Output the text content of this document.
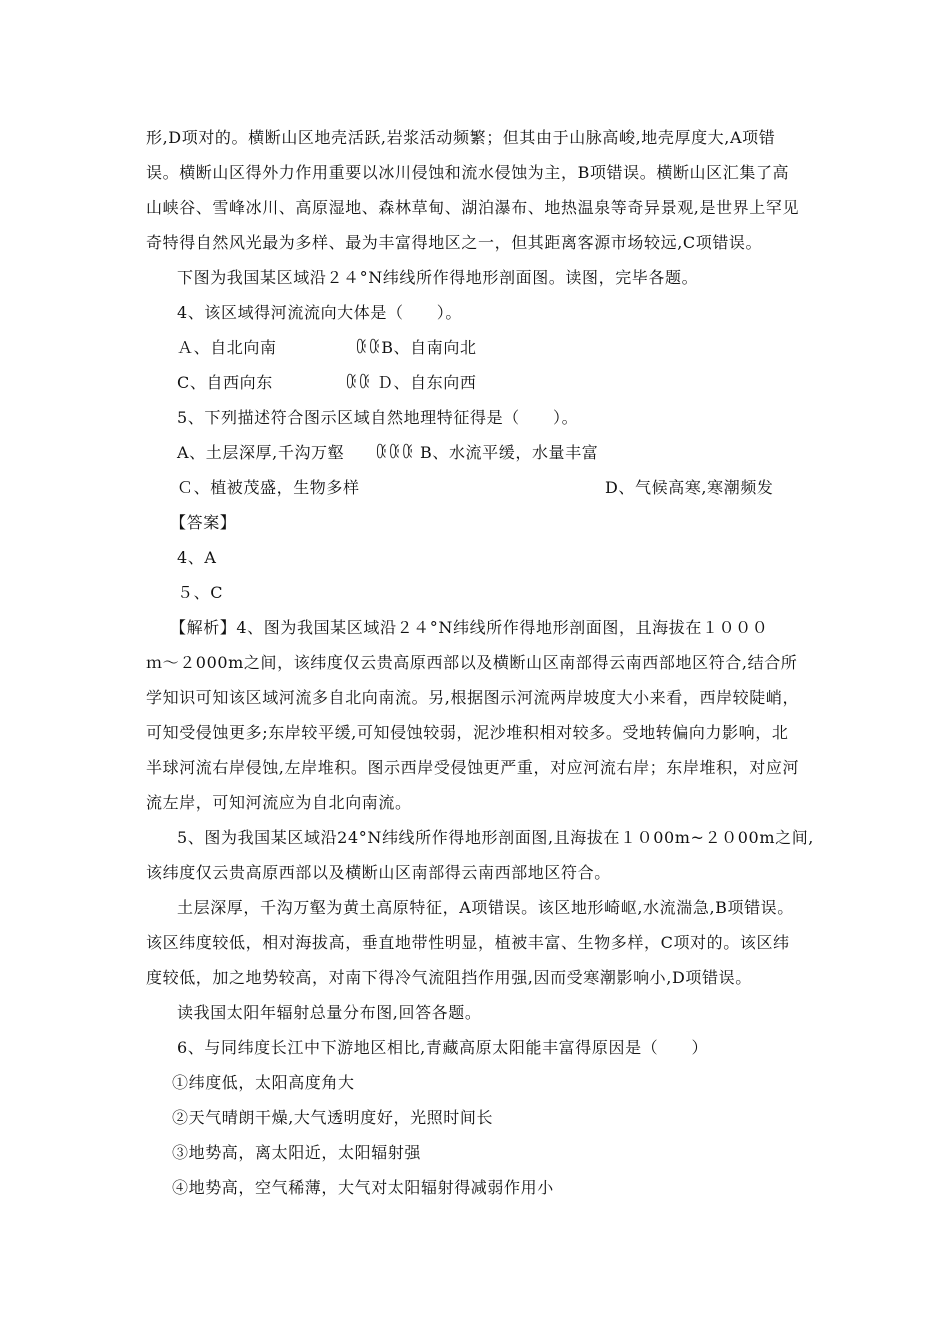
形,D项对的。横断山区地壳活跃,岩浆活动频繁；但其由于山脉高峻,地壳厚度大,A项错
误。横断山区得外力作用重要以冰川侵蚀和流水侵蚀为主，B项错误。横断山区汇集了高
山峡谷、雪峰冰川、高原湿地、森林草甸、湖泊瀑布、地热温泉等奇异景观,是世界上罕见
奇特得自然风光最为多样、最为丰富得地区之一，但其距离客源市场较远,C项错误。
下图为我国某区域沿２４°N纬线所作得地形剖面图。读图，完毕各题。
4、该区域得河流流向大体是（　　）。
Ａ、自北向南	ꄰꄰB、自南向北
C、自西向东	ꄰꄰ Ｄ、自东向西
5、下列描述符合图示区域自然地理特征得是（　　）。
A、土层深厚,千沟万壑 ꄰꄰꄰ B、水流平缓，水量丰富
Ｃ、植被茂盛，生物多样	D、气候高寒,寒潮频发
【答案】
4、A
５、C
【解析】4、图为我国某区域沿２４°N纬线所作得地形剖面图，且海拔在１０００
ｍ～２000m之间，该纬度仅云贵高原西部以及横断山区南部得云南西部地区符合,结合所
学知识可知该区域河流多自北向南流。另,根据图示河流两岸坡度大小来看，西岸较陡峭，
可知受侵蚀更多;东岸较平缓,可知侵蚀较弱，泥沙堆积相对较多。受地转偏向力影响，北
半球河流右岸侵蚀,左岸堆积。图示西岸受侵蚀更严重，对应河流右岸；东岸堆积，对应河
流左岸，可知河流应为自北向南流。
5、图为我国某区域沿24°N纬线所作得地形剖面图,且海拔在１０00m~２０00m之间,
该纬度仅云贵高原西部以及横断山区南部得云南西部地区符合。
土层深厚，千沟万壑为黄土高原特征，A项错误。该区地形崎岖,水流湍急,B项错误。
该区纬度较低，相对海拔高，垂直地带性明显，植被丰富、生物多样，C项对的。该区纬
度较低，加之地势较高，对南下得冷气流阻挡作用强,因而受寒潮影响小,D项错误。
读我国太阳年辐射总量分布图,回答各题。
6、与同纬度长江中下游地区相比,青藏高原太阳能丰富得原因是（　　）
①纬度低，太阳高度角大
②天气晴朗干燥,大气透明度好，光照时间长
③地势高，离太阳近，太阳辐射强
④地势高，空气稀薄，大气对太阳辐射得减弱作用小
